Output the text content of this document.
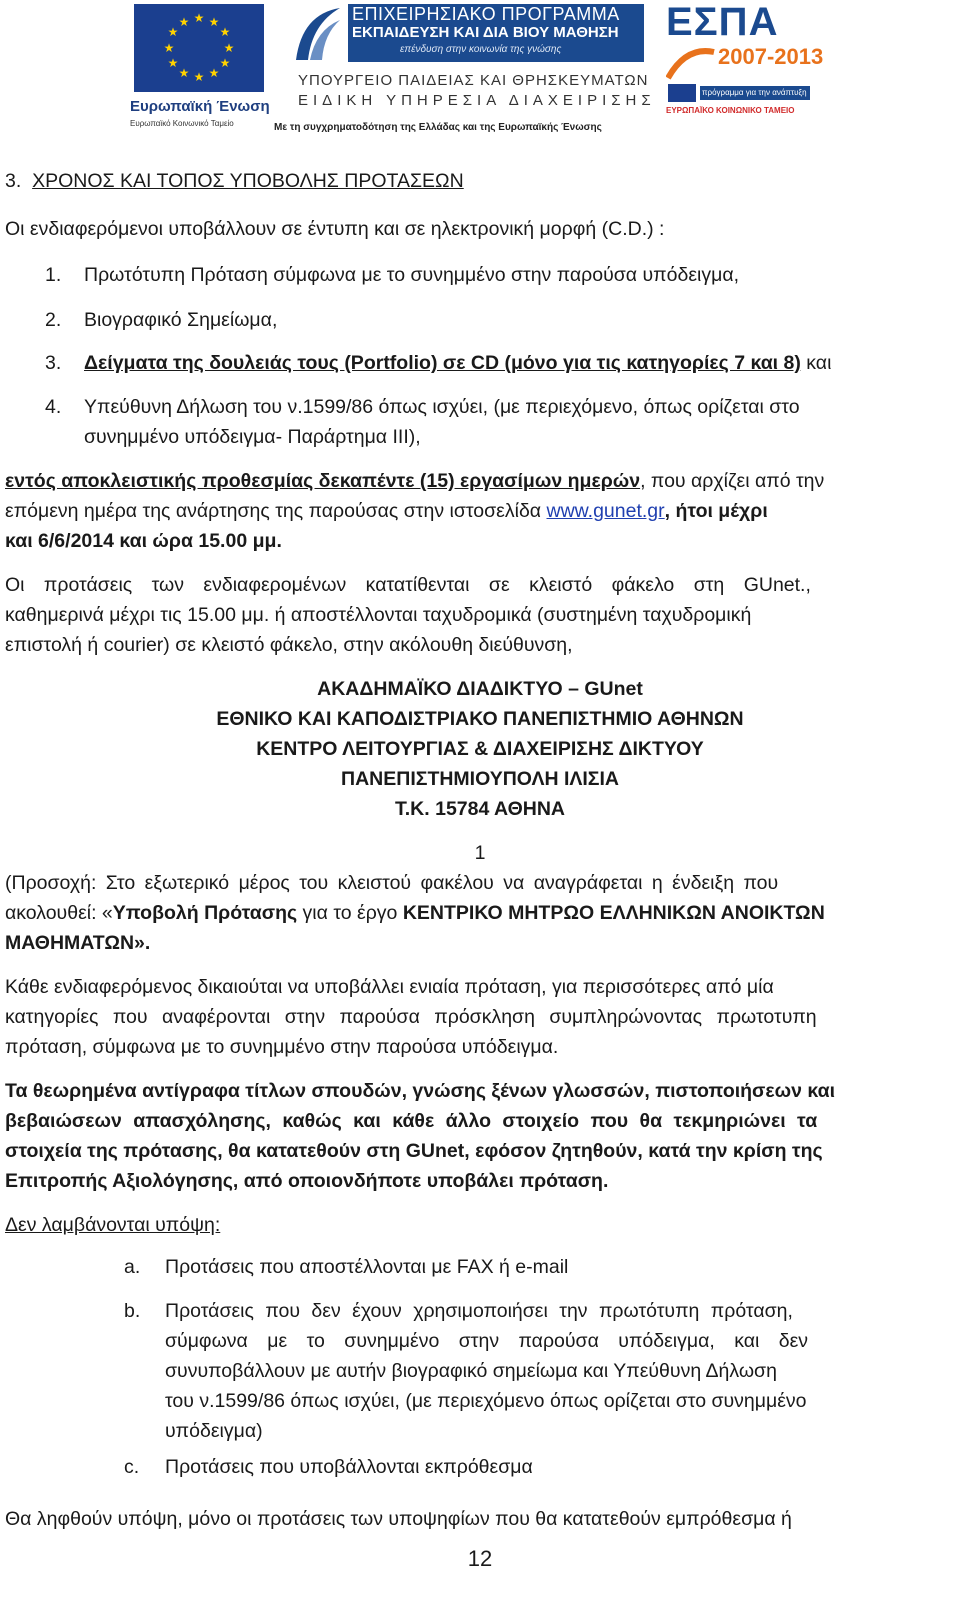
★ ★
★
★
★
★
★
★
★
★
★
★
Ευρωπαϊκή Ένωση
Ευρωπαϊκό Κοινωνικό Ταμείο
ΕΠΙΧΕΙΡΗΣΙΑΚΟ ΠΡΟΓΡΑΜΜΑ
ΕΚΠΑΙΔΕΥΣΗ ΚΑΙ ΔΙΑ ΒΙΟΥ ΜΑΘΗΣΗ
επένδυση στην κοινωνία της γνώσης
ΥΠΟΥΡΓΕΙΟ ΠΑΙΔΕΙΑΣ ΚΑΙ ΘΡΗΣΚΕΥΜΑΤΩΝ
ΕΙΔΙΚΗ ΥΠΗΡΕΣΙΑ ΔΙΑΧΕΙΡΙΣΗΣ
Με τη συγχρηματοδότηση της Ελλάδας και της Ευρωπαϊκής Ένωσης
ΕΣΠΑ
2007-2013
πρόγραμμα για την ανάπτυξη
ΕΥΡΩΠΑΪΚΟ ΚΟΙΝΩΝΙΚΟ ΤΑΜΕΙΟ
3. ΧΡΟΝΟΣ ΚΑΙ ΤΟΠΟΣ ΥΠΟΒΟΛΗΣ ΠΡΟΤΑΣΕΩΝ
Οι ενδιαφερόμενοι υποβάλλουν σε έντυπη και σε ηλεκτρονική μορφή (C.D.) :
1. Πρωτότυπη Πρόταση σύμφωνα με το συνημμένο στην παρούσα υπόδειγμα,
2. Βιογραφικό Σημείωμα,
3. Δείγματα της δουλειάς τους (Portfolio) σε CD (μόνο για τις κατηγορίες 7 και 8) και
4. Υπεύθυνη Δήλωση του ν.1599/86 όπως ισχύει, (με περιεχόμενο, όπως ορίζεται στο
συνημμένο υπόδειγμα- Παράρτημα ΙΙΙ),
εντός αποκλειστικής προθεσμίας δεκαπέντε (15) εργασίμων ημερών, που αρχίζει από την
επόμενη ημέρα της ανάρτησης της παρούσας στην ιστοσελίδα www.gunet.gr, ήτοι μέχρι
και 6/6/2014 και ώρα 15.00 μμ.
Οι προτάσεις των ενδιαφερομένων κατατίθενται σε κλειστό φάκελο στη GUnet.,
καθημερινά μέχρι τις 15.00 μμ. ή αποστέλλονται ταχυδρομικά (συστημένη ταχυδρομική
επιστολή ή courier) σε κλειστό φάκελο, στην ακόλουθη διεύθυνση,
ΑΚΑΔΗΜΑΪΚΟ ΔΙΑΔΙΚΤΥΟ – GUnet
ΕΘΝΙΚΟ ΚΑΙ ΚΑΠΟΔΙΣΤΡΙΑΚΟ ΠΑΝΕΠΙΣΤΗΜΙΟ ΑΘΗΝΩΝ
ΚΕΝΤΡΟ ΛΕΙΤΟΥΡΓΙΑΣ & ΔΙΑΧΕΙΡΙΣΗΣ ΔΙΚΤΥΟΥ
ΠΑΝΕΠΙΣΤΗΜΙΟΥΠΟΛΗ ΙΛΙΣΙΑ
Τ.Κ. 15784 ΑΘΗΝΑ
1
(Προσοχή: Στο εξωτερικό μέρος του κλειστού φακέλου να αναγράφεται η ένδειξη που
ακολουθεί: «Υποβολή Πρότασης για το έργο ΚΕΝΤΡΙΚΟ ΜΗΤΡΩΟ ΕΛΛΗΝΙΚΩΝ ΑΝΟΙΚΤΩΝ
ΜΑΘΗΜΑΤΩΝ».
Κάθε ενδιαφερόμενος δικαιούται να υποβάλλει ενιαία πρόταση, για περισσότερες από μία
κατηγορίες που αναφέρονται στην παρούσα πρόσκληση συμπληρώνοντας πρωτοτυπη
πρόταση, σύμφωνα με το συνημμένο στην παρούσα υπόδειγμα.
Τα θεωρημένα αντίγραφα τίτλων σπουδών, γνώσης ξένων γλωσσών, πιστοποιήσεων και
βεβαιώσεων απασχόλησης, καθώς και κάθε άλλο στοιχείο που θα τεκμηριώνει τα
στοιχεία της πρότασης, θα κατατεθούν στη GUnet, εφόσον ζητηθούν, κατά την κρίση της
Επιτροπής Αξιολόγησης, από οποιονδήποτε υποβάλει πρόταση.
Δεν λαμβάνονται υπόψη:
a. Προτάσεις που αποστέλλονται με FAX ή e-mail
b. Προτάσεις που δεν έχουν χρησιμοποιήσει την πρωτότυπη πρόταση,
σύμφωνα με το συνημμένο στην παρούσα υπόδειγμα, και δεν
συνυποβάλλουν με αυτήν βιογραφικό σημείωμα και Υπεύθυνη Δήλωση
του ν.1599/86 όπως ισχύει, (με περιεχόμενο όπως ορίζεται στο συνημμένο
υπόδειγμα)
c. Προτάσεις που υποβάλλονται εκπρόθεσμα
Θα ληφθούν υπόψη, μόνο οι προτάσεις των υποψηφίων που θα κατατεθούν εμπρόθεσμα ή
12
